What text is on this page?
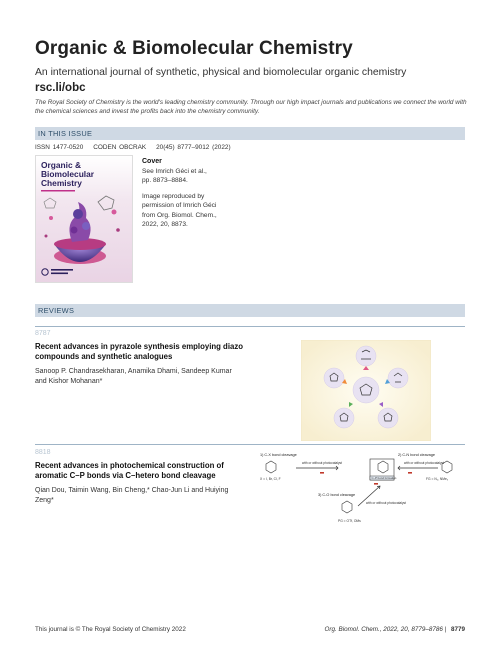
Organic & Biomolecular Chemistry
An international journal of synthetic, physical and biomolecular organic chemistry
rsc.li/obc
The Royal Society of Chemistry is the world's leading chemistry community. Through our high impact journals and publications we connect the world with the chemical sciences and invest the profits back into the chemistry community.
IN THIS ISSUE
ISSN 1477-0520 CODEN OBCRAK 20(45) 8777–9012 (2022)
Organic &
Biomolecular
Chemistry
Cover
See Imrich Géci et al.,
pp. 8873–8884.
Image reproduced by
permission of Imrich Géci
from Org. Biomol. Chem.,
2022, 20, 8873.
REVIEWS
8787
Recent advances in pyrazole synthesis employing diazo compounds and synthetic analogues
Sanoop P. Chandrasekharan, Anamika Dhami, Sandeep Kumar and Kishor Mohanan*
8818
Recent advances in photochemical construction of aromatic C–P bonds via C–hetero bond cleavage
Qian Dou, Taimin Wang, Bin Cheng,* Chao-Jun Li and Huiying Zeng*
1) C-X bond cleavage	2) C-N bond cleavage
with or without photocatalyst	with or without photocatalyst
C–P bond formation
X = I, Br, Cl, F	FG = N₂, NMe₃
3) C-O bond cleavage
with or without photocatalyst
PG = OTf, OMs
This journal is © The Royal Society of Chemistry 2022	Org. Biomol. Chem., 2022, 20, 8779–8786 | 8779
